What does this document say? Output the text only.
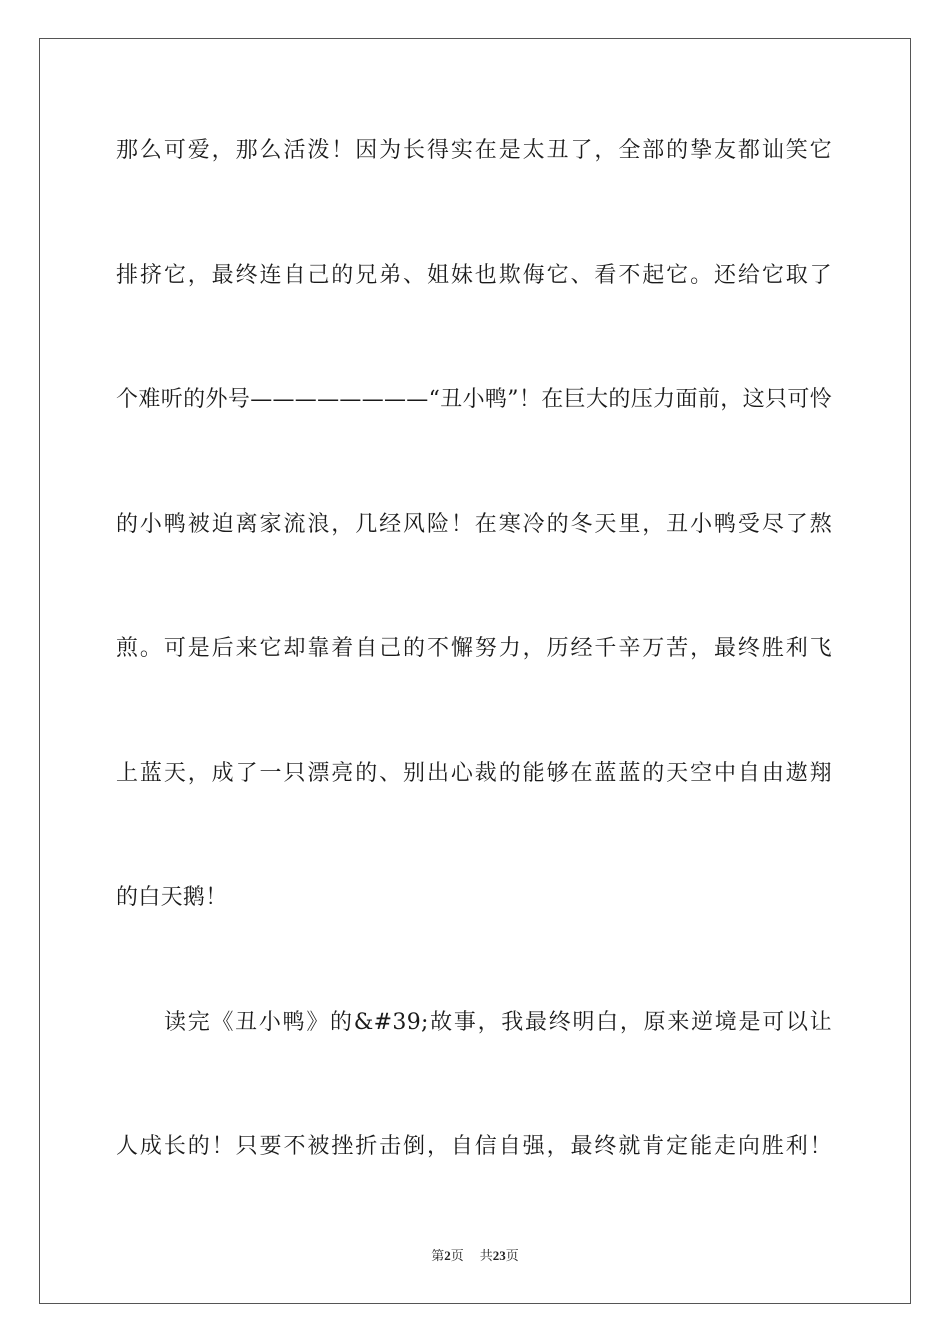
那么可爱，那么活泼！因为长得实在是太丑了，全部的挚友都讪笑它
排挤它，最终连自己的兄弟、姐妹也欺侮它、看不起它。还给它取了
个难听的外号————————“丑小鸭”！在巨大的压力面前，这只可怜
的小鸭被迫离家流浪，几经风险！在寒冷的冬天里，丑小鸭受尽了熬
煎。可是后来它却靠着自己的不懈努力，历经千辛万苦，最终胜利飞
上蓝天，成了一只漂亮的、别出心裁的能够在蓝蓝的天空中自由遨翔
的白天鹅！
读完《丑小鸭》的&#39;故事，我最终明白，原来逆境是可以让
人成长的！只要不被挫折击倒，自信自强，最终就肯定能走向胜利！
第2页 共23页
